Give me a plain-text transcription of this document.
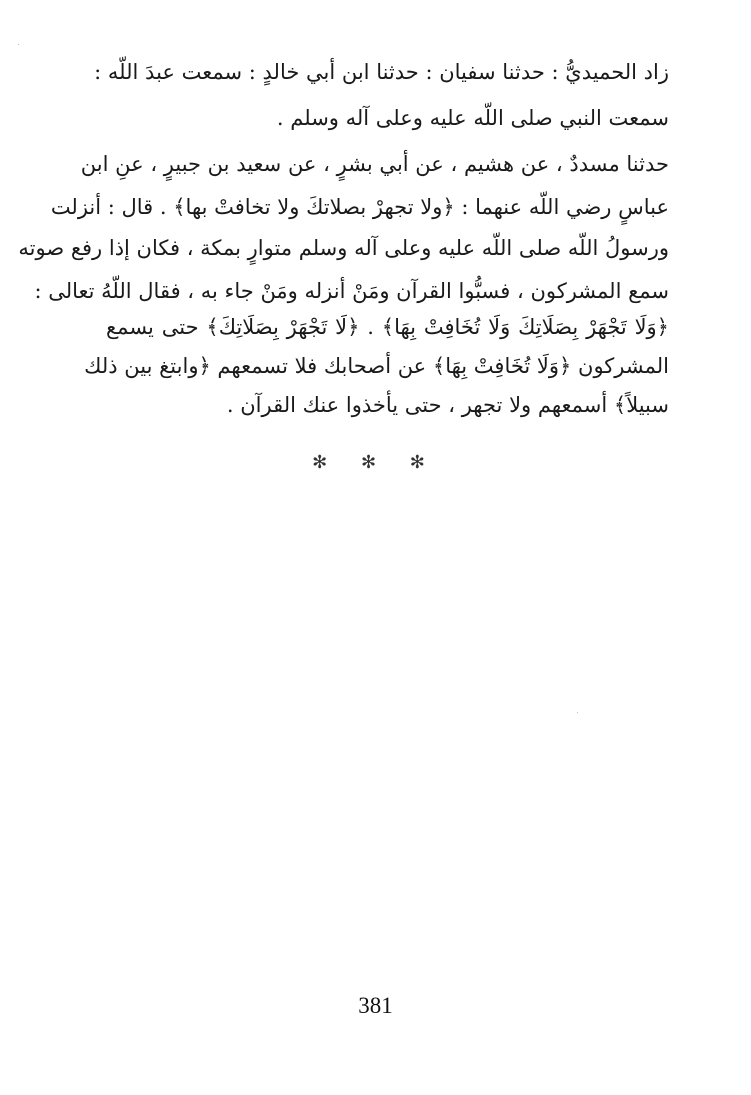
زاد الحميديُّ : حدثنا سفيان : حدثنا ابن أبي خالدٍ : سمعت عبدَ اللّه :
سمعت النبي صلى اللّه عليه وعلى آله وسلم .
حدثنا مسددٌ ، عن هشيم ، عن أبي بشرٍ ، عن سعيد بن جبيرٍ ، عنِ ابن
عباسٍ رضي اللّه عنهما : ﴿ولا تجهرْ بصلاتكَ ولا تخافتْ بها﴾ . قال : أنزلت
ورسولُ اللّه صلى اللّه عليه وعلى آله وسلم متوارٍ بمكة ، فكان إذا رفع صوته
سمع المشركون ، فسبُّوا القرآن ومَنْ أنزله ومَنْ جاء به ، فقال اللّهُ تعالى :
﴿وَلَا تَجْهَرْ بِصَلَاتِكَ وَلَا تُخَافِتْ بِهَا﴾ . ﴿لَا تَجْهَرْ بِصَلَاتِكَ﴾ حتى يسمع
المشركون ﴿وَلَا تُخَافِتْ بِهَا﴾ عن أصحابك فلا تسمعهم ﴿وابتغ بين ذلك
سبيلاً﴾ أسمعهم ولا تجهر ، حتى يأخذوا عنك القرآن .
✻ ✻ ✻
381
